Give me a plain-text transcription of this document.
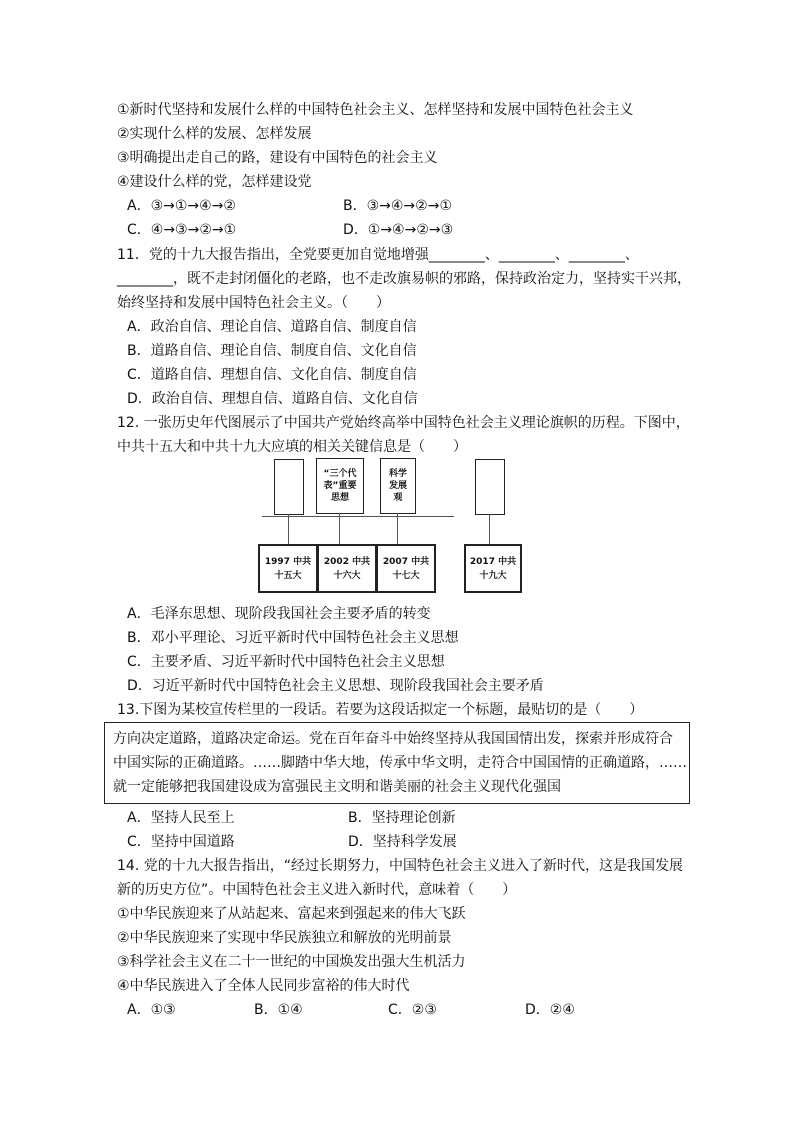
①新时代坚持和发展什么样的中国特色社会主义、怎样坚持和发展中国特色社会主义
②实现什么样的发展、怎样发展
③明确提出走自己的路，建设有中国特色的社会主义
④建设什么样的党，怎样建设党
A．③→①→④→②	B．③→④→②→①
C．④→③→②→①	D．①→④→②→③
11．党的十九大报告指出，全党要更加自觉地增强________、________、________、
________，既不走封闭僵化的老路，也不走改旗易帜的邪路，保持政治定力，坚持实干兴邦，
始终坚持和发展中国特色社会主义。（　　）
A．政治自信、理论自信、道路自信、制度自信
B．道路自信、理论自信、制度自信、文化自信
C．道路自信、理想自信、文化自信、制度自信
D．政治自信、理想自信、道路自信、文化自信
12. 一张历史年代图展示了中国共产党始终高举中国特色社会主义理论旗帜的历程。下图中，
中共十五大和中共十九大应填的相关关键信息是（　　）
“三个代表”重要思想
科学发展观
1997 中共十五大
2002 中共十六大
2007 中共十七大
2017 中共十九大
A．毛泽东思想、现阶段我国社会主要矛盾的转变
B．邓小平理论、习近平新时代中国特色社会主义思想
C．主要矛盾、习近平新时代中国特色社会主义思想
D．习近平新时代中国特色社会主义思想、现阶段我国社会主要矛盾
13.下图为某校宣传栏里的一段话。若要为这段话拟定一个标题，最贴切的是（　　）
方向决定道路，道路决定命运。党在百年奋斗中始终坚持从我国国情出发，探索并形成符合
中国实际的正确道路。……脚踏中华大地，传承中华文明，走符合中国国情的正确道路，……
就一定能够把我国建设成为富强民主文明和谐美丽的社会主义现代化强国
A．坚持人民至上	B．坚持理论创新
C．坚持中国道路	D．坚持科学发展
14. 党的十九大报告指出，“经过长期努力，中国特色社会主义进入了新时代，这是我国发展
新的历史方位”。中国特色社会主义进入新时代，意味着（　　）
①中华民族迎来了从站起来、富起来到强起来的伟大飞跃
②中华民族迎来了实现中华民族独立和解放的光明前景
③科学社会主义在二十一世纪的中国焕发出强大生机活力
④中华民族进入了全体人民同步富裕的伟大时代
A．①③	B．①④	C．②③	D．②④
